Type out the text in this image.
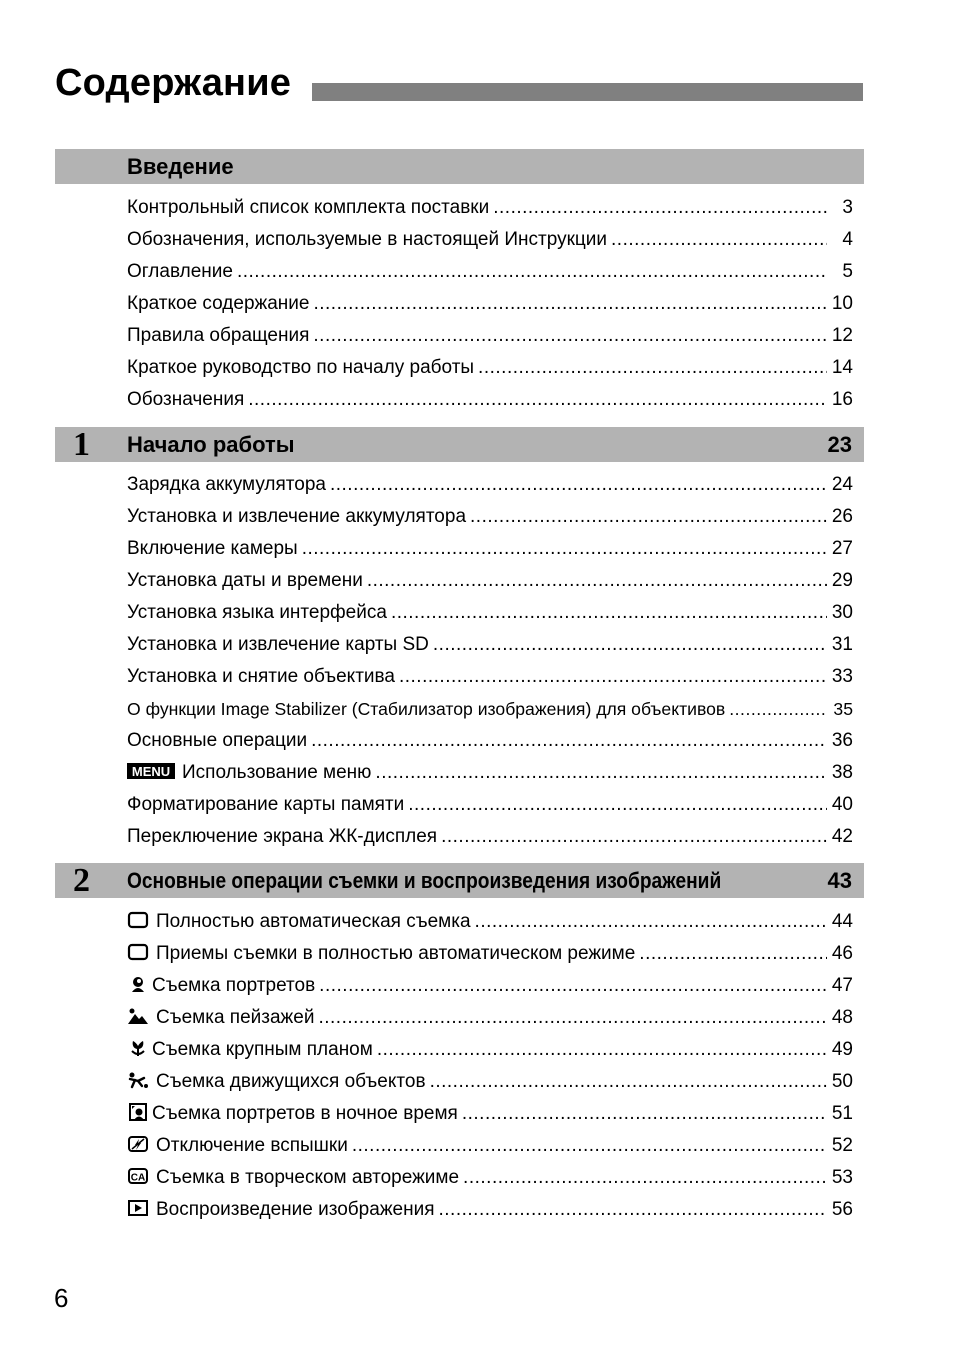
Содержание
Введение
Контрольный список комплекта поставки .....	3
Обозначения, используемые в настоящей Инструкции .....	4
Оглавление .....	5
Краткое содержание .....	10
Правила обращения .....	12
Краткое руководство по началу работы .....	14
Обозначения .....	16
1 Начало работы	23
Зарядка аккумулятора .....	24
Установка и извлечение аккумулятора .....	26
Включение камеры .....	27
Установка даты и времени .....	29
Установка языка интерфейса .....	30
Установка и извлечение карты SD .....	31
Установка и снятие объектива .....	33
О функции Image Stabilizer (Стабилизатор изображения) для объективов .....	35
Основные операции .....	36
MENU Использование меню .....	38
Форматирование карты памяти .....	40
Переключение экрана ЖК-дисплея .....	42
2 Основные операции съемки и воспроизведения изображений	43
Полностью автоматическая съемка .....	44
Приемы съемки в полностью автоматическом режиме .....	46
Съемка портретов .....	47
Съемка пейзажей .....	48
Съемка крупным планом .....	49
Съемка движущихся объектов .....	50
Съемка портретов в ночное время .....	51
Отключение вспышки .....	52
CA Съемка в творческом авторежиме .....	53
Воспроизведение изображения .....	56
6
